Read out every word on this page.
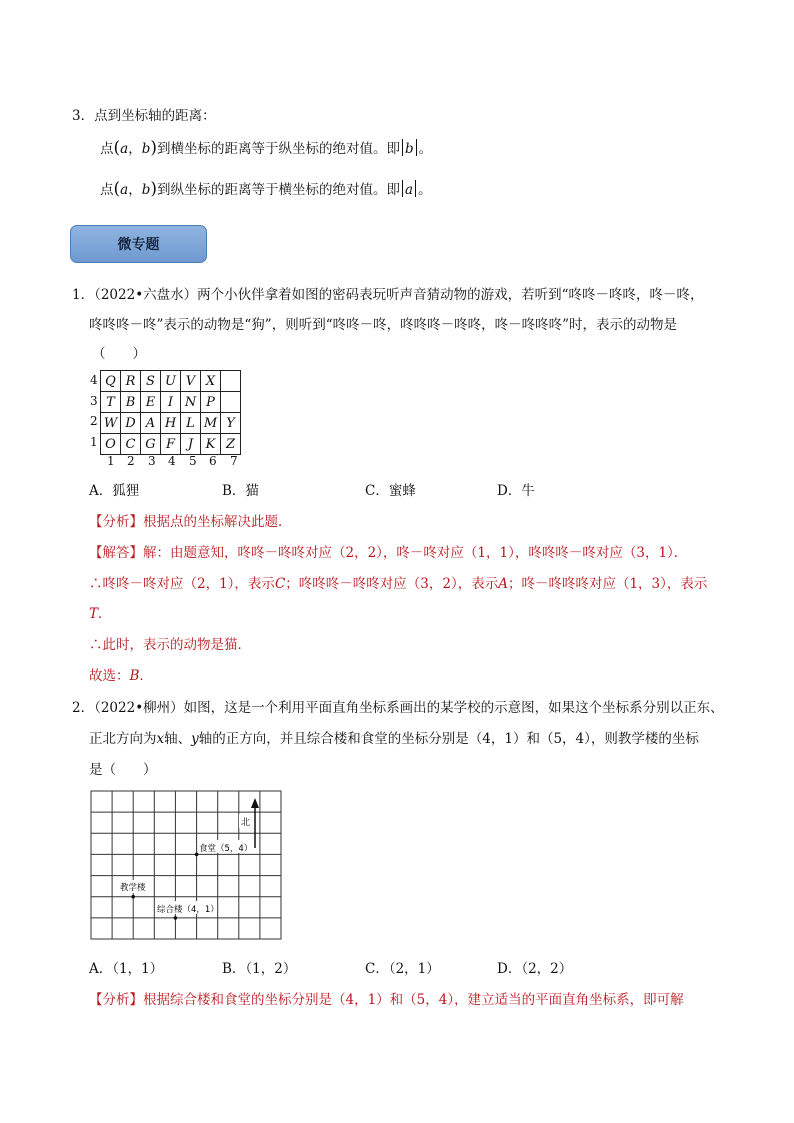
3．点到坐标轴的距离：
点(a，b)到横坐标的距离等于纵坐标的绝对值。即 b 。
点(a，b)到纵坐标的距离等于横坐标的绝对值。即 a 。
微专题
1．（2022•六盘水）两个小伙伴拿着如图的密码表玩听声音猜动物的游戏，若听到“咚咚－咚咚，咚－咚，
咚咚咚－咚”表示的动物是“狗”，则听到“咚咚－咚，咚咚咚－咚咚，咚－咚咚咚”时，表示的动物是
（　　）
4
3
2
1
Q	R	S	U	V	X	
T	B	E	I	N	P	
W	D	A	H	L	M	Y
O	C	G	F	J	K	Z
1 2 3 4 5 6 7
A．狐狸	B．猫	C．蜜蜂	D．牛
【分析】根据点的坐标解决此题．
【解答】解：由题意知，咚咚－咚咚对应（2，2），咚－咚对应（1，1），咚咚咚－咚对应（3，1）．
∴咚咚－咚对应（2，1），表示C；咚咚咚－咚咚对应（3，2），表示A；咚－咚咚咚对应（1，3），表示
T．
∴此时，表示的动物是猫．
故选：B．
2．（2022•柳州）如图，这是一个利用平面直角坐标系画出的某学校的示意图，如果这个坐标系分别以正东、
正北方向为x轴、y轴的正方向，并且综合楼和食堂的坐标分别是（4，1）和（5，4），则教学楼的坐标
是（　　）
北
食堂（5，4）
教学楼
综合楼（4，1）
A．（1，1）	B．（1，2）	C．（2，1）	D．（2，2）
【分析】根据综合楼和食堂的坐标分别是（4，1）和（5，4），建立适当的平面直角坐标系，即可解
